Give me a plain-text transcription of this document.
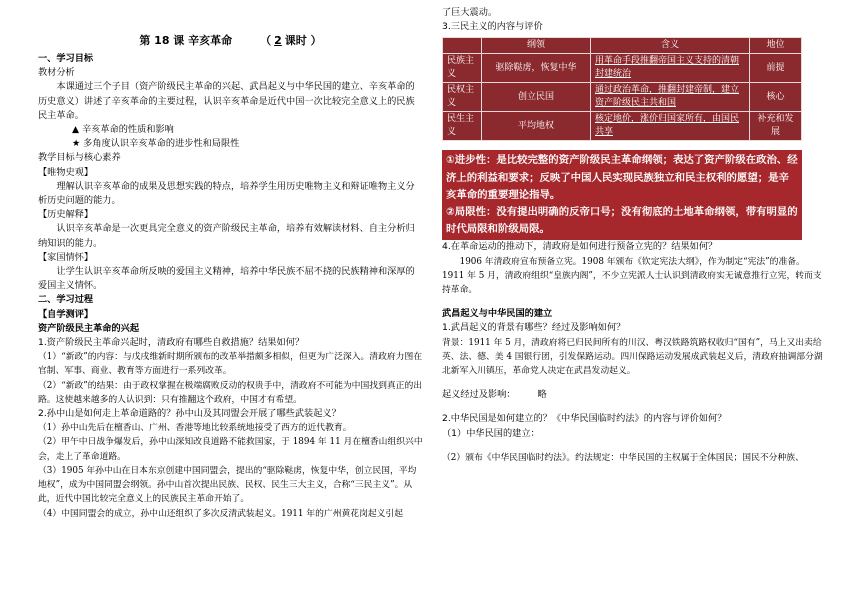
第 18 课 辛亥革命	（ 2 课时 ）
一、学习目标
教材分析
本课通过三个子目（资产阶级民主革命的兴起、武昌起义与中华民国的建立、辛亥革命的历史意义）讲述了辛亥革命的主要过程，认识辛亥革命是近代中国一次比较完全意义上的民族民主革命。
▲ 辛亥革命的性质和影响
★ 多角度认识辛亥革命的进步性和局限性
教学目标与核心素养
【唯物史观】
理解认识辛亥革命的成果及思想实践的特点，培养学生用历史唯物主义和辩证唯物主义分析历史问题的能力。
【历史解释】
认识辛亥革命是一次更具完全意义的资产阶级民主革命，培养有效解读材料、自主分析归纳知识的能力。
【家国情怀】
让学生认识辛亥革命所反映的爱国主义精神，培养中华民族不屈不挠的民族精神和深厚的爱国主义情怀。
二、学习过程
【自学测评】
资产阶级民主革命的兴起
1.资产阶级民主革命兴起时，清政府有哪些自救措施？结果如何？
（1）“新政”的内容：与戊戌维新时期所颁布的改革举措颇多相似，但更为广泛深入。清政府力图在官制、军事、商业、教育等方面进行一系列改革。
（2）“新政”的结果：由于政权掌握在极端腐败反动的权贵手中，清政府不可能为中国找到真正的出路。这使越来越多的人认识到：只有推翻这个政府，中国才有希望。
2.孙中山是如何走上革命道路的？孙中山及其同盟会开展了哪些武装起义？
（1）孙中山先后在檀香山、广州、香港等地比较系统地接受了西方的近代教育。
（2）甲午中日战争爆发后，孙中山深知改良道路不能救国家，于 1894 年 11 月在檀香山组织兴中会，走上了革命道路。
（3）1905 年孙中山在日本东京创建中国同盟会，提出的“驱除鞑虏，恢复中华，创立民国，平均地权”，成为中国同盟会纲领。孙中山首次提出民族、民权、民生三大主义，合称“三民主义”。从此，近代中国比较完全意义上的民族民主革命开始了。
（4）中国同盟会的成立，孙中山还组织了多次反清武装起义。1911 年的广州黄花岗起义引起
了巨大震动。
3.三民主义的内容与评价
	纲领	含义	地位
民族主义	驱除鞑虏，恢复中华	用革命手段推翻帝国主义支持的清朝封建统治	前提
民权主义	创立民国	通过政治革命，推翻封建帝制，建立资产阶级民主共和国	核心
民生主义	平均地权	核定地价，涨价归国家所有，由国民共享	补充和发展
①进步性：是比较完整的资产阶级民主革命纲领；表达了资产阶级在政治、经济上的利益和要求；反映了中国人民实现民族独立和民主权利的愿望；是辛亥革命的重要理论指导。
②局限性：没有提出明确的反帝口号；没有彻底的土地革命纲领，带有明显的时代局限和阶级局限。
4.在革命运动的推动下，清政府是如何进行预备立宪的？结果如何？
1906 年清政府宣布预备立宪。1908 年颁布《钦定宪法大纲》，作为制定“宪法”的准备。1911 年 5 月，清政府组织“皇族内阁”，不少立宪派人士认识到清政府实无诚意推行立宪，转而支持革命。
武昌起义与中华民国的建立
1.武昌起义的背景有哪些？经过及影响如何？
背景：1911 年 5 月，清政府将已归民间所有的川汉、粤汉铁路筑路权收归“国有”，马上又出卖给英、法、德、美 4 国银行团，引发保路运动。四川保路运动发展成武装起义后，清政府抽调部分湖北新军入川镇压，革命党人决定在武昌发动起义。
起义经过及影响： 略
2.中华民国是如何建立的？《中华民国临时约法》的内容与评价如何？
（1）中华民国的建立：
（2）颁布《中华民国临时约法》。约法规定：中华民国的主权属于全体国民；国民不分种族、
